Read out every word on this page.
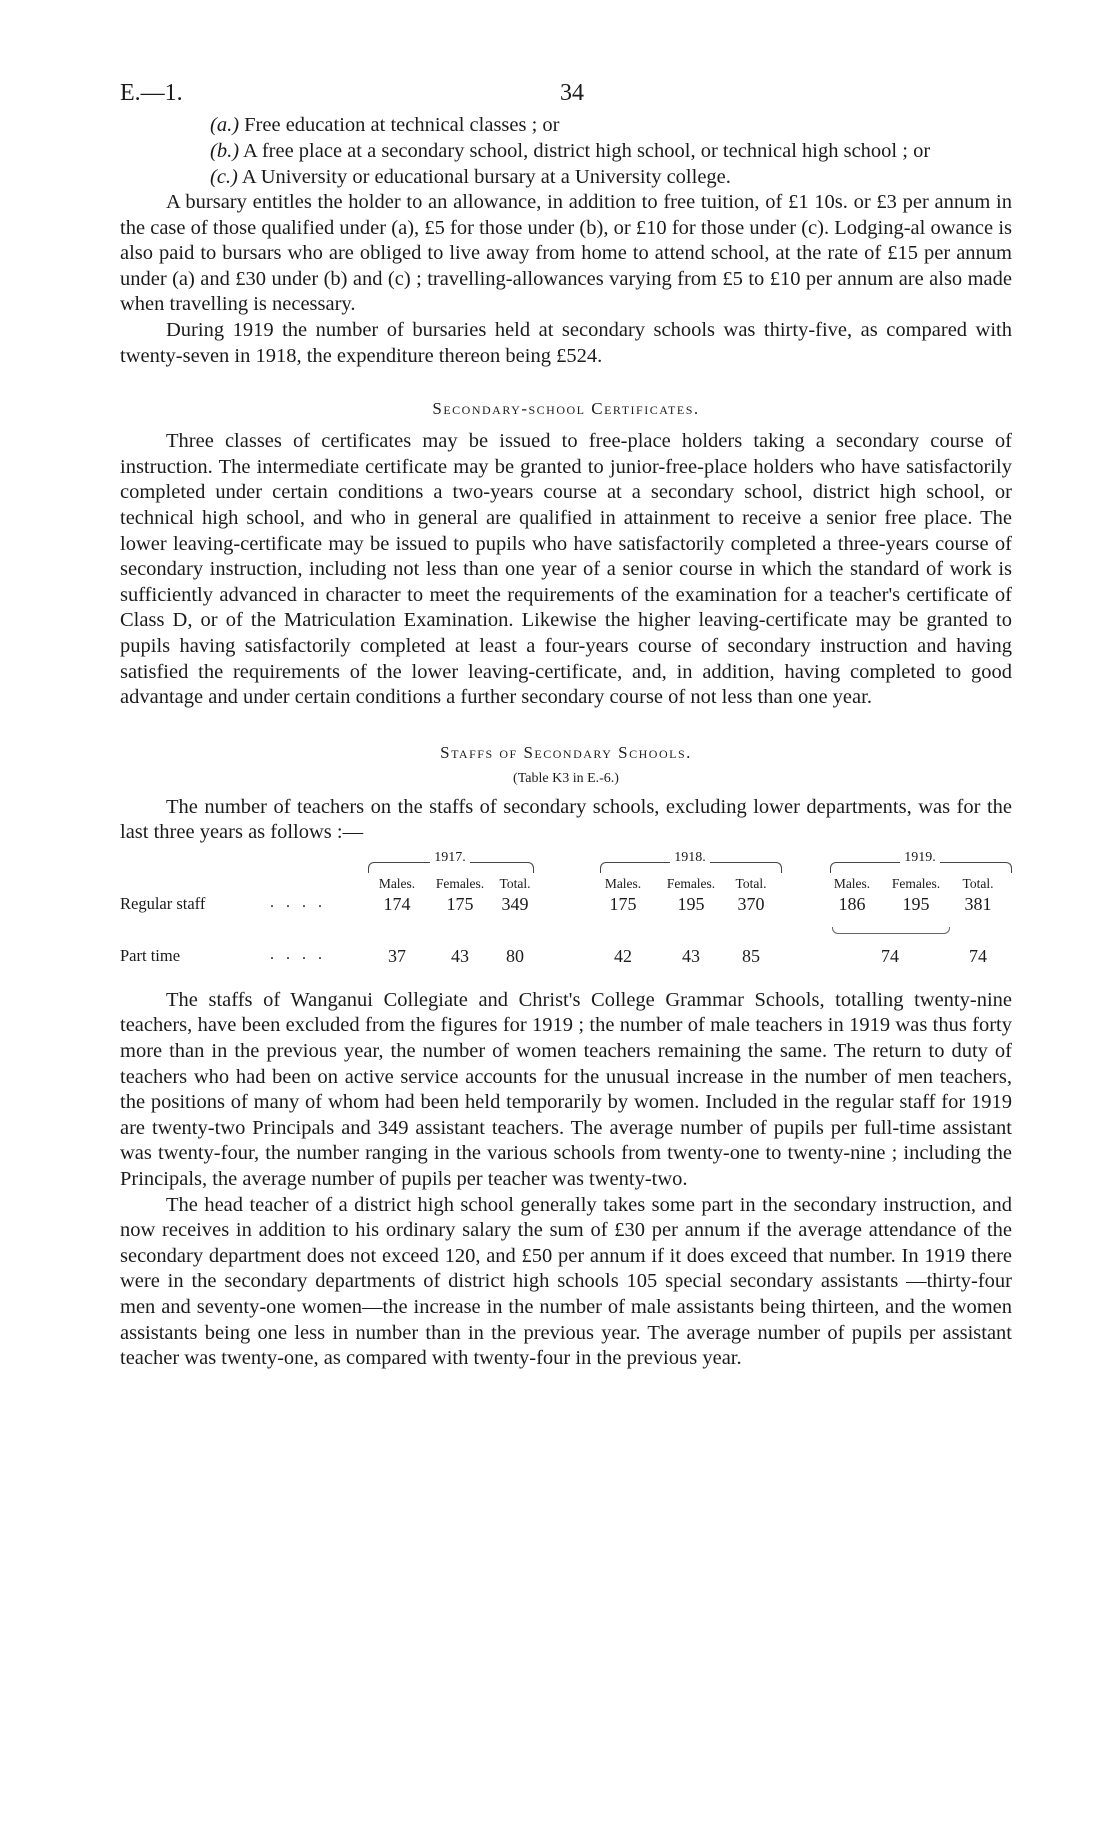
E.—1.	34
(a.) Free education at technical classes ; or
(b.) A free place at a secondary school, district high school, or technical high school ; or
(c.) A University or educational bursary at a University college.

A bursary entitles the holder to an allowance, in addition to free tuition, of £1 10s. or £3 per annum in the case of those qualified under (a), £5 for those under (b), or £10 for those under (c). Lodging-al owance is also paid to bursars who are obliged to live away from home to attend school, at the rate of £15 per annum under (a) and £30 under (b) and (c) ; travelling-allowances varying from £5 to £10 per annum are also made when travelling is necessary.

During 1919 the number of bursaries held at secondary schools was thirty-five, as compared with twenty-seven in 1918, the expenditure thereon being £524.

Secondary-school Certificates.

Three classes of certificates may be issued to free-place holders taking a secondary course of instruction. The intermediate certificate may be granted to junior-free-place holders who have satisfactorily completed under certain conditions a two-years course at a secondary school, district high school, or technical high school, and who in general are qualified in attainment to receive a senior free place. The lower leaving-certificate may be issued to pupils who have satisfactorily completed a three-years course of secondary instruction, including not less than one year of a senior course in which the standard of work is sufficiently advanced in character to meet the requirements of the examination for a teacher's certificate of Class D, or of the Matriculation Examination. Likewise the higher leaving-certificate may be granted to pupils having satisfactorily completed at least a four-years course of secondary instruction and having satisfied the requirements of the lower leaving-certificate, and, in addition, having completed to good advantage and under certain conditions a further secondary course of not less than one year.

Staffs of Secondary Schools.
(Table K3 in E.-6.)

The number of teachers on the staffs of secondary schools, excluding lower departments, was for the last three years as follows :—

1917.	1918.	1919.
Males.	Females.	Total.	Males.	Females.	Total.	Males.	Females.	Total.
Regular staff	. . . .	174	175	349	175	195	370	186	195	381
Part time	. . . .	37	43	80	42	43	85	74	74

The staffs of Wanganui Collegiate and Christ's College Grammar Schools, totalling twenty-nine teachers, have been excluded from the figures for 1919 ; the number of male teachers in 1919 was thus forty more than in the previous year, the number of women teachers remaining the same. The return to duty of teachers who had been on active service accounts for the unusual increase in the number of men teachers, the positions of many of whom had been held temporarily by women. Included in the regular staff for 1919 are twenty-two Principals and 349 assistant teachers. The average number of pupils per full-time assistant was twenty-four, the number ranging in the various schools from twenty-one to twenty-nine ; including the Principals, the average number of pupils per teacher was twenty-two.

The head teacher of a district high school generally takes some part in the secondary instruction, and now receives in addition to his ordinary salary the sum of £30 per annum if the average attendance of the secondary department does not exceed 120, and £50 per annum if it does exceed that number. In 1919 there were in the secondary departments of district high schools 105 special secondary assistants —thirty-four men and seventy-one women—the increase in the number of male assistants being thirteen, and the women assistants being one less in number than in the previous year. The average number of pupils per assistant teacher was twenty-one, as compared with twenty-four in the previous year.
